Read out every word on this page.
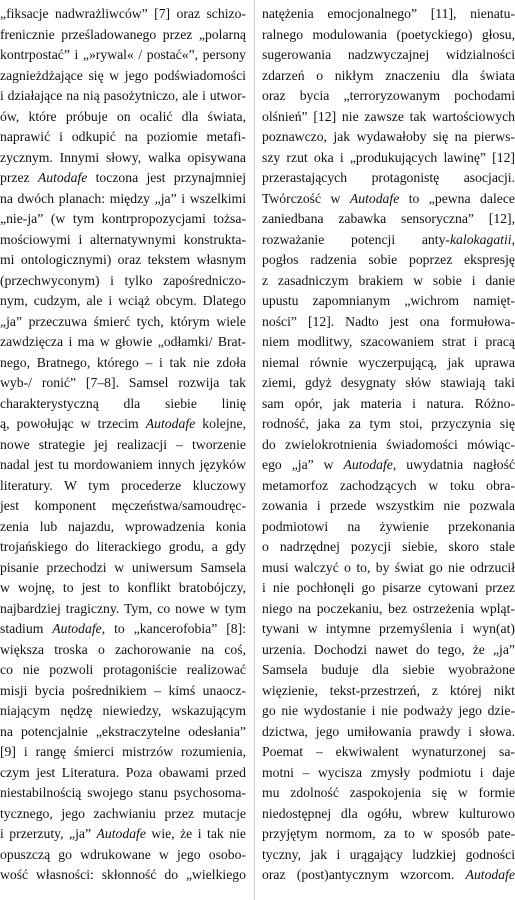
„fiksacje nadwrażliwców” [7] oraz schizo-
frenicznie prześladowanego przez „polarną
kontrpostać” i „»rywal« / postać«”, persony
zagnieżdżające się w jego podświadomości
i działające na nią pasożytniczo, ale i utwor-
ów, które próbuje on ocalić dla świata,
naprawić i odkupić na poziomie metafi-
zycznym. Innymi słowy, walka opisywana
przez Autodafe toczona jest przynajmniej
na dwóch planach: między „ja” i wszelkimi
„nie-ja” (w tym kontrpropozycjami tożsa-
mościowymi i alternatywnymi konstrukta-
mi ontologicznymi) oraz tekstem własnym
(przechwyconym) i tylko zapośredniczo-
nym, cudzym, ale i wciąż obcym. Dlatego
„ja” przeczuwa śmierć tych, którym wiele
zawdzięcza i ma w głowie „odłamki/ Brat-
nego, Bratnego, którego – i tak nie zdoła
wyb-/ ronić” [7–8]. Samsel rozwija tak
charakterystyczną dla siebie linię
ą, powołując w trzecim Autodafe kolejne,
nowe strategie jej realizacji – tworzenie
nadal jest tu mordowaniem innych języków
literatury. W tym procederze kluczowy
jest komponent męczeństwa/samoudręc-
zenia lub najazdu, wprowadzenia konia
trojańskiego do literackiego grodu, a gdy
pisanie przechodzi w uniwersum Samsela
w wojnę, to jest to konflikt bratobójczy,
najbardziej tragiczny. Tym, co nowe w tym
stadium Autodafe, to „kancerofobia” [8]:
większa troska o zachorowanie na coś,
co nie pozwoli protagoniście realizować
misji bycia pośrednikiem – kimś unaocz-
niającym nędzę niewiedzy, wskazującym
na potencjalnie „ekstraczytelne odesłania”
[9] i rangę śmierci mistrzów rozumienia,
czym jest Literatura. Poza obawami przed
niestabilnością swojego stanu psychosoma-
tycznego, jego zachwianiu przez mutacje
i przerzuty, „ja” Autodafe wie, że i tak nie
opuszczą go wdrukowane w jego osobo-
wość własności: skłonność do „wielkiego
natężenia emocjonalnego” [11], nienatu-
ralnego modulowania (poetyckiego) głosu,
sugerowania nadzwyczajnej widzialności
zdarzeń o nikłym znaczeniu dla świata
oraz bycia „terroryzowanym pochodami
olśnień” [12] nie zawsze tak wartościowych
poznawczo, jak wydawałoby się na pierws-
szy rzut oka i „produkujących lawinę” [12]
przerastających protagonistę asocjacji.
Twórczość w Autodafe to „pewna dalece
zaniedbana zabawka sensoryczna” [12],
rozważanie potencji anty-kalokagatii,
pogłos radzenia sobie poprzez ekspresję
z zasadniczym brakiem w sobie i danie
upustu zapomnianym „wichrom namięt-
ności” [12]. Nadto jest ona formułowa-
niem modlitwy, szacowaniem strat i pracą
niemal równie wyczerpującą, jak uprawa
ziemi, gdyż desygnaty słów stawiają taki
sam opór, jak materia i natura. Różno-
rodność, jaka za tym stoi, przyczynia się
do zwielokrotnienia świadomości mówiąc-
ego „ja” w Autodafe, uwydatnia nagłość
metamorfoz zachodzących w toku obra-
zowania i przede wszystkim nie pozwala
podmiotowi na żywienie przekonania
o nadrzędnej pozycji siebie, skoro stale
musi walczyć o to, by świat go nie odrzucił
i nie pochłonęli go pisarze cytowani przez
niego na poczekaniu, bez ostrzeżenia wpląt-
tywani w intymne przemyślenia i wyn(at)
urzenia. Dochodzi nawet do tego, że „ja”
Samsela buduje dla siebie wyobrażone
więzienie, tekst-przestrzeń, z której nikt
go nie wydostanie i nie podważy jego dzie-
dzictwa, jego umiłowania prawdy i słowa.
Poemat – ekwiwalent wynaturzonej sa-
motni – wycisza zmysły podmiotu i daje
mu zdolność zaspokojenia się w formie
niedostępnej dla ogółu, wbrew kulturowo
przyjętym normom, za to w sposób pate-
tyczny, jak i urągający ludzkiej godności
oraz (post)antycznym wzorcom. Autodafe
